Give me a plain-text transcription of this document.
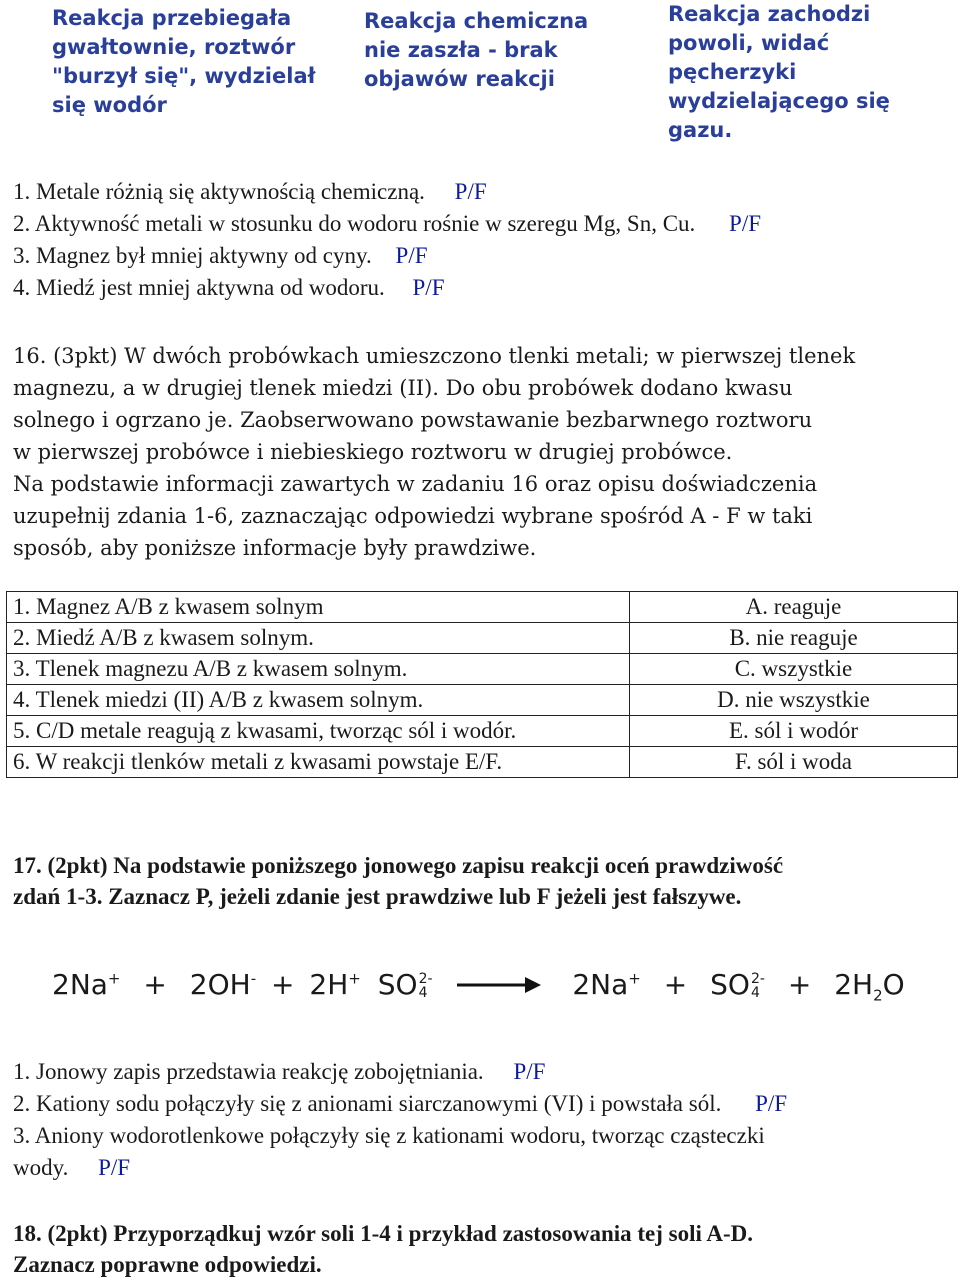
Reakcja przebiegała
gwałtownie, roztwór
"burzył się", wydzielał
się wodór
Reakcja chemiczna
nie zaszła - brak
objawów reakcji
Reakcja zachodzi
powoli, widać
pęcherzyki
wydzielającego się
gazu.
1. Metale różnią się aktywnością chemiczną. P/F
2. Aktywność metali w stosunku do wodoru rośnie w szeregu Mg, Sn, Cu. P/F
3. Magnez był mniej aktywny od cyny. P/F
4. Miedź jest mniej aktywna od wodoru. P/F
16. (3pkt) W dwóch probówkach umieszczono tlenki metali; w pierwszej tlenek
magnezu, a w drugiej tlenek miedzi (II). Do obu probówek dodano kwasu
solnego i ogrzano je. Zaobserwowano powstawanie bezbarwnego roztworu
w pierwszej probówce i niebieskiego roztworu w drugiej probówce.
Na podstawie informacji zawartych w zadaniu 16 oraz opisu doświadczenia
uzupełnij zdania 1-6, zaznaczając odpowiedzi wybrane spośród A - F w taki
sposób, aby poniższe informacje były prawdziwe.
1. Magnez A/B z kwasem solnym	A. reaguje
2. Miedź A/B z kwasem solnym.	B. nie reaguje
3. Tlenek magnezu A/B z kwasem solnym.	C. wszystkie
4. Tlenek miedzi (II) A/B z kwasem solnym.	D. nie wszystkie
5. C/D metale reagują z kwasami, tworząc sól i wodór.	E. sól i wodór
6. W reakcji tlenków metali z kwasami powstaje E/F.	F. sól i woda
17. (2pkt) Na podstawie poniższego jonowego zapisu reakcji oceń prawdziwość
zdań 1-3. Zaznacz P, jeżeli zdanie jest prawdziwe lub F jeżeli jest fałszywe.
2Na+ + 2OH- + 2H+ SO 2-
4 → 2Na+ + SO 2-
$4 + 2H_2O$
1. Jonowy zapis przedstawia reakcję zobojętniania. P/F
2. Kationy sodu połączyły się z anionami siarczanowymi (VI) i powstała sól. P/F
3. Aniony wodorotlenkowe połączyły się z kationami wodoru, tworząc cząsteczki
wody. P/F
18. (2pkt) Przyporządkuj wzór soli 1-4 i przykład zastosowania tej soli A-D.
Zaznacz poprawne odpowiedzi.
